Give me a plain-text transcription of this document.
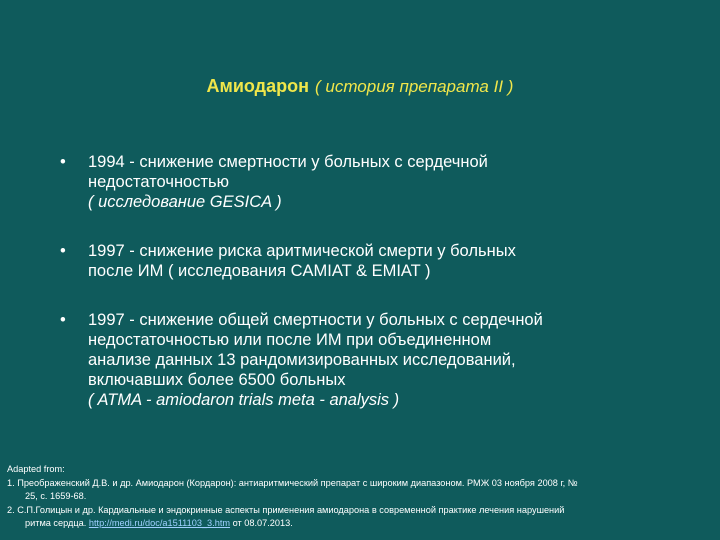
Амиодарон ( история препарата II )
• 1994 - снижение смертности у больных с сердечной
недостаточностью
( исследование GESICA )
• 1997 - снижение риска аритмической смерти у больных
после ИМ ( исследования CAMIAT & EMIAT )
• 1997 - снижение общей смертности у больных с сердечной
недостаточностью или после ИМ при объединенном
анализе данных 13 рандомизированных исследований,
включавших более 6500 больных
( ATMA - amiodaron trials meta - analysis )
Adapted from:
1. Преображенский Д.В. и др. Амиодарон (Кордарон): антиаритмический препарат с широким диапазоном. РМЖ 03 ноября 2008 г, №
25, с. 1659-68.
2. С.П.Голицын и др. Кардиальные и эндокринные аспекты применения амиодарона в современной практике лечения нарушений
ритма сердца. http://medi.ru/doc/a1511103_3.htm от 08.07.2013.
